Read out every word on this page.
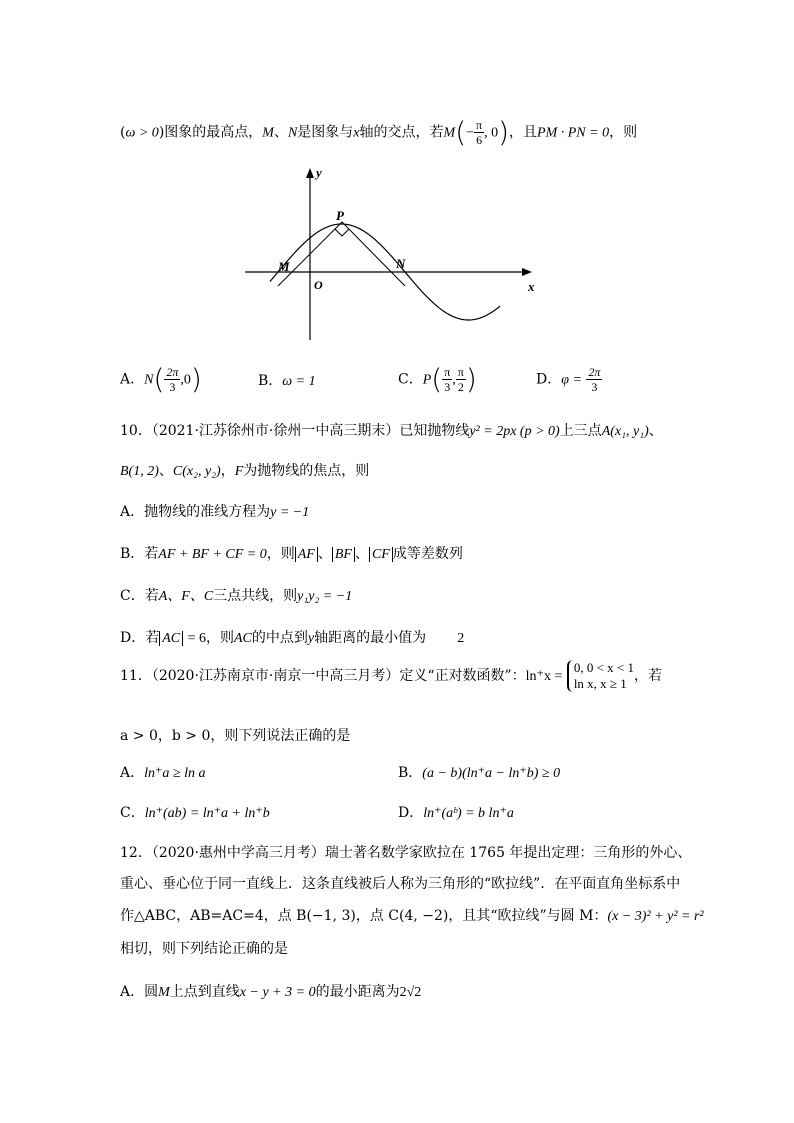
(ω > 0)图象的最高点，M、N是图象与x轴的交点，若$M(- \frac{\pi}{6}$ , 0)，且PM · PN = 0，则
y
x
O
M	N
P
A．$N( \frac{2\pi}{3} ,0)$	B．ω = 1	C．$P( \frac{\pi}{3}$ , $\frac{\pi}{2}$ )	D．$\varphi = \frac{2\pi}{3}$
10．（2021·江苏徐州市·徐州一中高三期末）已知抛物线y² = 2px (p > 0)上三点A(x₁, y₁)、
B(1, 2)、C(x₂, y₂)，F为抛物线的焦点，则
A．抛物线的准线方程为y = −1
B．若AF + BF + CF = 0，则 AF 、 BF 、 CF 成等差数列
C．若A、F、C三点共线，则y₁y₂ = −1
D．若 AC = 6，则AC的中点到y轴距离的最小值为 2
11．（2020·江苏南京市·南京一中高三月考）定义“正对数函数”：ln⁺x =
0, 0 < x < 1
ln x, x ≥ 1 ，若
a > 0，b > 0，则下列说法正确的是
A．ln⁺a ≥ ln a	B．(a − b)(ln⁺a − ln⁺b) ≥ 0
C．ln⁺(ab) = ln⁺a + ln⁺b	D．ln⁺(aᵇ) = b ln⁺a
12．（2020·惠州中学高三月考）瑞士著名数学家欧拉在 1765 年提出定理：三角形的外心、
重心、垂心位于同一直线上．这条直线被后人称为三角形的“欧拉线”．在平面直角坐标系中
作△ABC，AB=AC=4，点 B(−1, 3)，点 C(4, −2)，且其“欧拉线”与圆 M：(x − 3)² + y² = r²
相切，则下列结论正确的是
A．圆M上点到直线x − y + 3 = 0的最小距离为2√2
